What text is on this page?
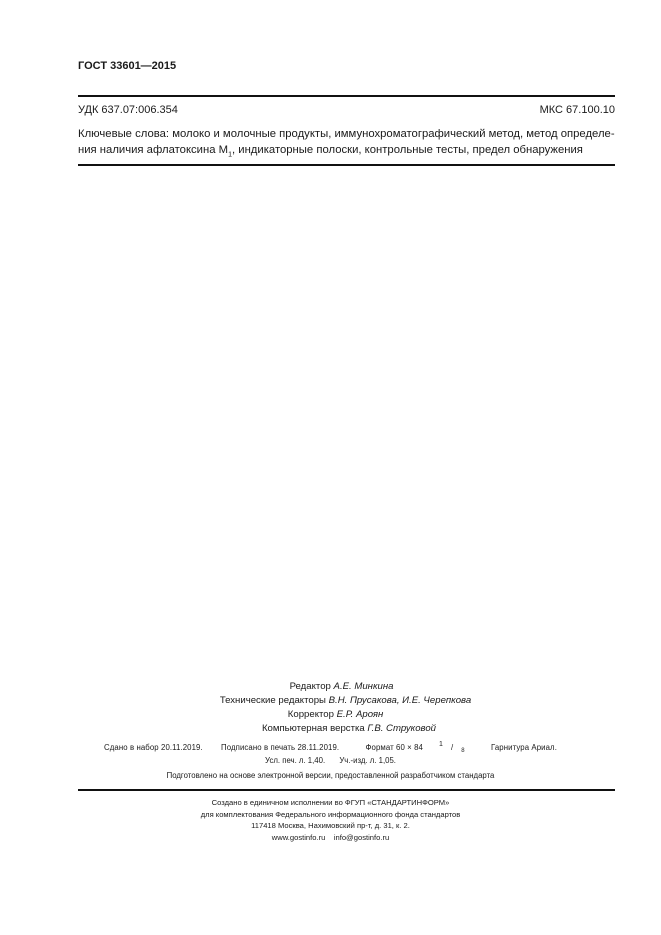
ГОСТ 33601—2015
УДК 637.07:006.354	МКС 67.100.10
Ключевые слова: молоко и молочные продукты, иммунохроматографический метод, метод определе-
ния наличия афлатоксина $М_1$, индикаторные полоски, контрольные тесты, предел обнаружения
Редактор А.Е. Минкина
Технические редакторы В.Н. Прусакова, И.Е. Черепкова
Корректор Е.Р. Ароян
Компьютерная верстка Г.В. Струковой
Сдано в набор 20.11.2019. Подписано в печать 28.11.2019.	Формат 60 × 84 1 / $_8$	Гарнитура Ариал.
Усл. печ. л. 1,40. Уч.-изд. л. 1,05.
Подготовлено на основе электронной версии, предоставленной разработчиком стандарта
Создано в единичном исполнении во ФГУП «СТАНДАРТИНФОРМ»
для комплектования Федерального информационного фонда стандартов
117418 Москва, Нахимовский пр-т, д. 31, к. 2.
www.gostinfo.ru info@gostinfo.ru
